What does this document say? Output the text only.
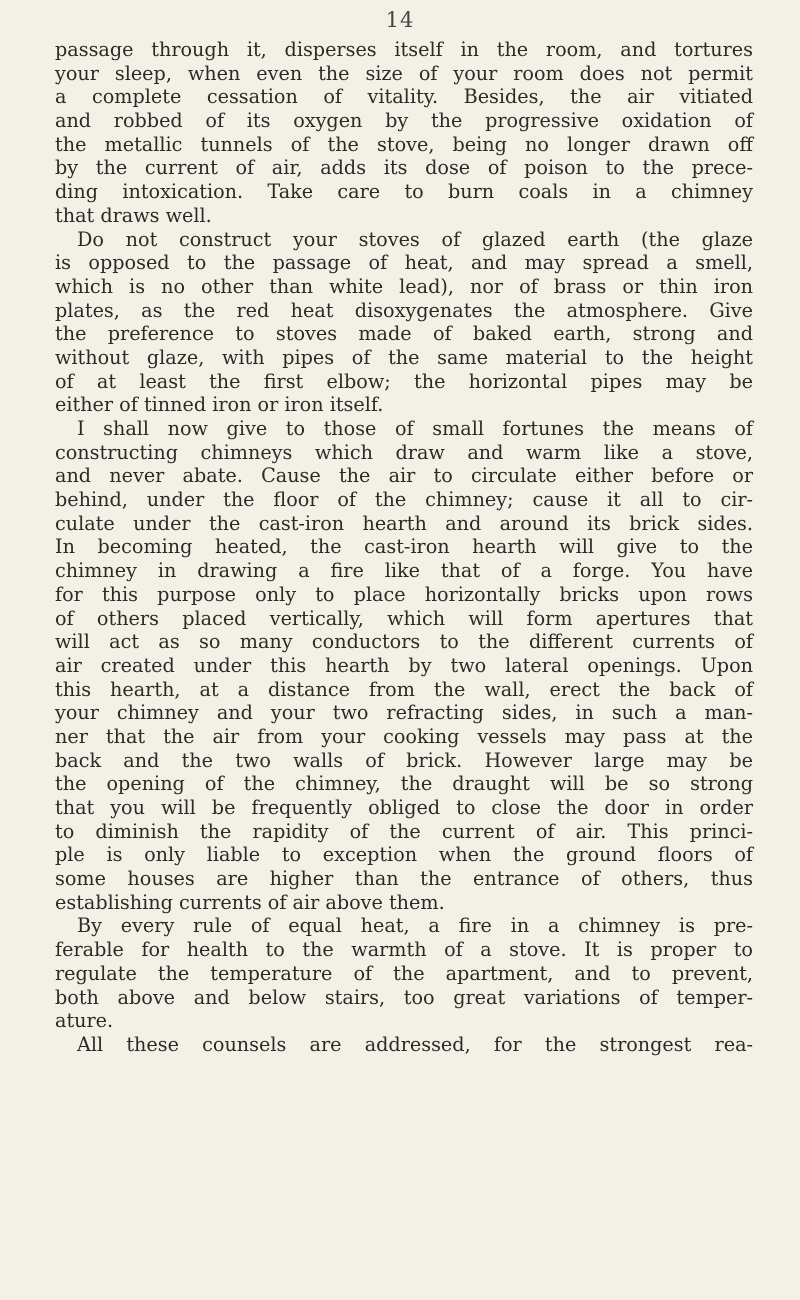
14
passage through it, disperses itself in the room, and tortures
your sleep, when even the size of your room does not permit
a complete cessation of vitality. Besides, the air vitiated
and robbed of its oxygen by the progressive oxidation of
the metallic tunnels of the stove, being no longer drawn off
by the current of air, adds its dose of poison to the prece-
ding intoxication. Take care to burn coals in a chimney
that draws well.
Do not construct your stoves of glazed earth (the glaze
is opposed to the passage of heat, and may spread a smell,
which is no other than white lead), nor of brass or thin iron
plates, as the red heat disoxygenates the atmosphere. Give
the preference to stoves made of baked earth, strong and
without glaze, with pipes of the same material to the height
of at least the first elbow; the horizontal pipes may be
either of tinned iron or iron itself.
I shall now give to those of small fortunes the means of
constructing chimneys which draw and warm like a stove,
and never abate. Cause the air to circulate either before or
behind, under the floor of the chimney; cause it all to cir-
culate under the cast-iron hearth and around its brick sides.
In becoming heated, the cast-iron hearth will give to the
chimney in drawing a fire like that of a forge. You have
for this purpose only to place horizontally bricks upon rows
of others placed vertically, which will form apertures that
will act as so many conductors to the different currents of
air created under this hearth by two lateral openings. Upon
this hearth, at a distance from the wall, erect the back of
your chimney and your two refracting sides, in such a man-
ner that the air from your cooking vessels may pass at the
back and the two walls of brick. However large may be
the opening of the chimney, the draught will be so strong
that you will be frequently obliged to close the door in order
to diminish the rapidity of the current of air. This princi-
ple is only liable to exception when the ground floors of
some houses are higher than the entrance of others, thus
establishing currents of air above them.
By every rule of equal heat, a fire in a chimney is pre-
ferable for health to the warmth of a stove. It is proper to
regulate the temperature of the apartment, and to prevent,
both above and below stairs, too great variations of temper-
ature.
All these counsels are addressed, for the strongest rea-
